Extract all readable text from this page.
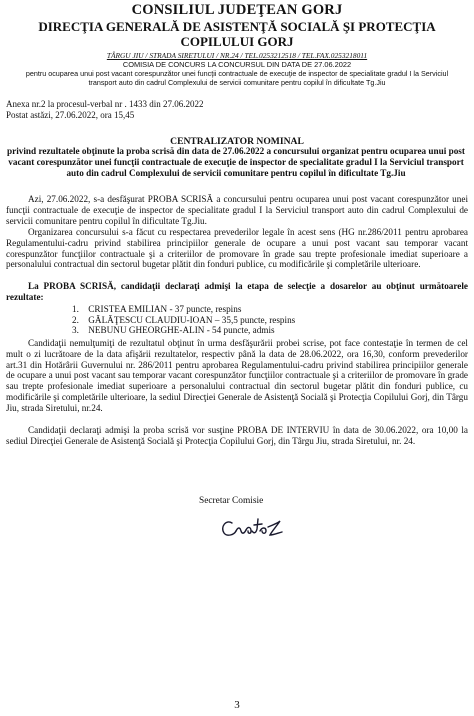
CONSILIUL JUDEŢEAN GORJ
DIRECŢIA GENERALĂ DE ASISTENŢĂ SOCIALĂ ŞI PROTECŢIA
COPILULUI GORJ
TÂRGU JIU / STRADA SIRETULUI / NR.24 / TEL.0253212518 / TEL.FAX.0253218011
COMISIA DE CONCURS LA CONCURSUL DIN DATA DE 27.06.2022
pentru ocuparea unui post vacant corespunzător unei funcţii contractuale de execuţie de inspector de specialitate gradul I la Serviciul transport auto din cadrul Complexului de servicii comunitare pentru copilul în dificultate Tg.Jiu
Anexa nr.2 la procesul-verbal nr . 1433 din 27.06.2022
Postat astăzi, 27.06.2022, ora 15,45
CENTRALIZATOR NOMINAL
privind rezultatele obţinute la proba scrisă din data de 27.06.2022 a concursului organizat pentru ocuparea unui post vacant corespunzător unei funcţii contractuale de execuţie de inspector de specialitate gradul I la Serviciul transport auto din cadrul Complexului de servicii comunitare pentru copilul în dificultate Tg.Jiu
Azi, 27.06.2022, s-a desfăşurat PROBA SCRISĂ a concursului pentru ocuparea unui post vacant corespunzător unei funcţii contractuale de execuţie de inspector de specialitate gradul I la Serviciul transport auto din cadrul Complexului de servicii comunitare pentru copilul în dificultate Tg.Jiu.
Organizarea concursului s-a făcut cu respectarea prevederilor legale în acest sens (HG nr.286/2011 pentru aprobarea Regulamentului-cadru privind stabilirea principiilor generale de ocupare a unui post vacant sau temporar vacant corespunzător funcţiilor contractuale şi a criteriilor de promovare în grade sau trepte profesionale imediat superioare a personalului contractual din sectorul bugetar plătit din fonduri publice, cu modificările şi completările ulterioare.
La PROBA SCRISĂ, candidaţii declaraţi admişi la etapa de selecţie a dosarelor au obţinut următoarele rezultate:
1. CRISTEA EMILIAN - 37 puncte, respins
2. GĂLĂŢESCU CLAUDIU-IOAN – 35,5 puncte, respins
3. NEBUNU GHEORGHE-ALIN - 54 puncte, admis
Candidaţii nemulţumiţi de rezultatul obţinut în urma desfăşurării probei scrise, pot face contestaţie în termen de cel mult o zi lucrătoare de la data afişării rezultatelor, respectiv până la data de 28.06.2022, ora 16,30, conform prevederilor art.31 din Hotărârii Guvernului nr. 286/2011 pentru aprobarea Regulamentului-cadru privind stabilirea principiilor generale de ocupare a unui post vacant sau temporar vacant corespunzător funcţiilor contractuale şi a criteriilor de promovare în grade sau trepte profesionale imediat superioare a personalului contractual din sectorul bugetar plătit din fonduri publice, cu modificările şi completările ulterioare, la sediul Direcţiei Generale de Asistenţă Socială şi Protecţia Copilului Gorj, din Târgu Jiu, strada Siretului, nr.24.
Candidaţii declaraţi admişi la proba scrisă vor susţine PROBA DE INTERVIU în data de 30.06.2022, ora 10,00 la sediul Direcţiei Generale de Asistenţă Socială şi Protecţia Copilului Gorj, din Târgu Jiu, strada Siretului, nr. 24.
Secretar Comisie
3
